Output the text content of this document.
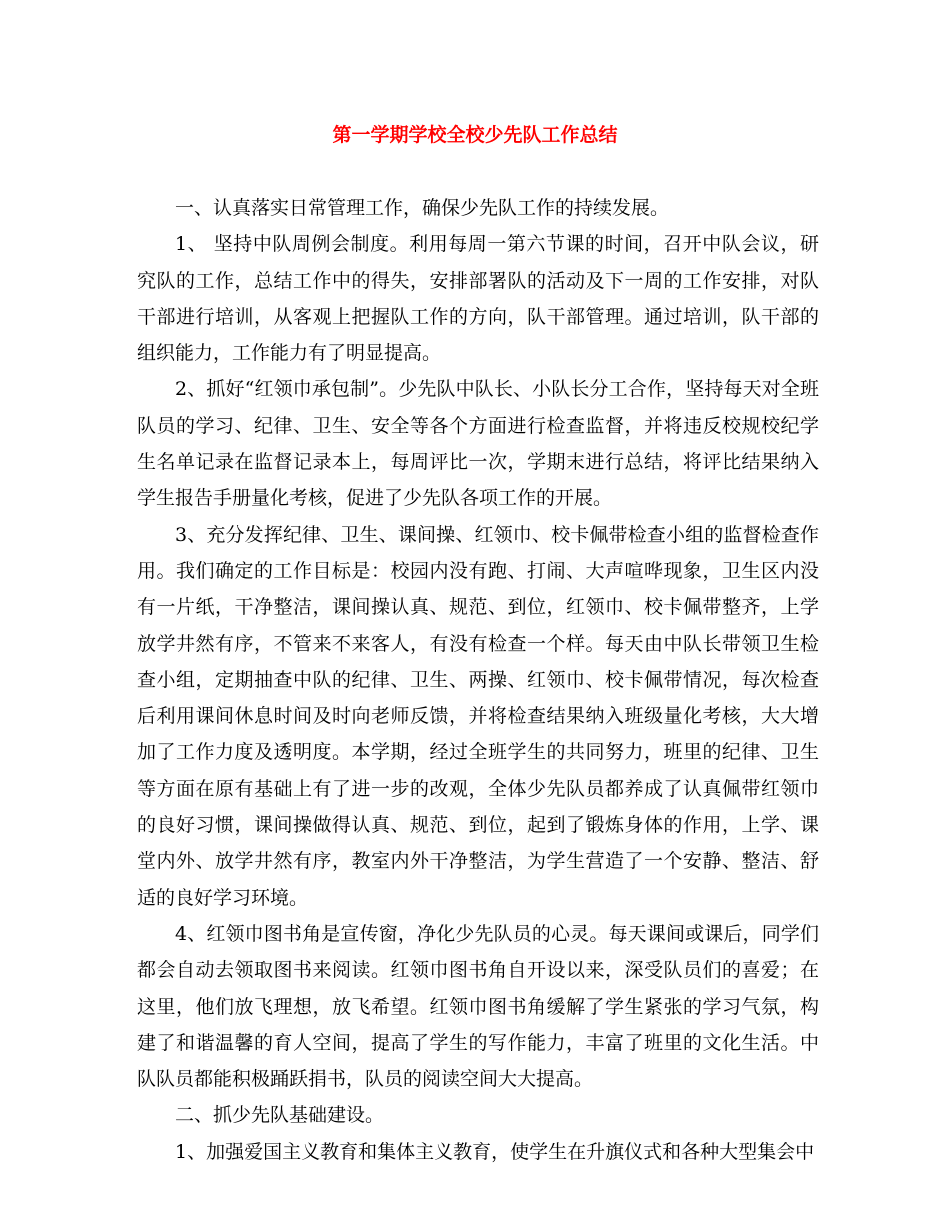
第一学期学校全校少先队工作总结

一、认真落实日常管理工作，确保少先队工作的持续发展。

1、 坚持中队周例会制度。利用每周一第六节课的时间，召开中队会议，研究队的工作，总结工作中的得失，安排部署队的活动及下一周的工作安排，对队干部进行培训，从客观上把握队工作的方向，队干部管理。通过培训，队干部的组织能力，工作能力有了明显提高。

2、抓好“红领巾承包制”。少先队中队长、小队长分工合作，坚持每天对全班队员的学习、纪律、卫生、安全等各个方面进行检查监督，并将违反校规校纪学生名单记录在监督记录本上，每周评比一次，学期末进行总结，将评比结果纳入学生报告手册量化考核，促进了少先队各项工作的开展。

3、充分发挥纪律、卫生、课间操、红领巾、校卡佩带检查小组的监督检查作用。我们确定的工作目标是：校园内没有跑、打闹、大声喧哗现象，卫生区内没有一片纸，干净整洁，课间操认真、规范、到位，红领巾、校卡佩带整齐，上学放学井然有序，不管来不来客人，有没有检查一个样。每天由中队长带领卫生检查小组，定期抽查中队的纪律、卫生、两操、红领巾、校卡佩带情况，每次检查后利用课间休息时间及时向老师反馈，并将检查结果纳入班级量化考核，大大增加了工作力度及透明度。本学期，经过全班学生的共同努力，班里的纪律、卫生等方面在原有基础上有了进一步的改观，全体少先队员都养成了认真佩带红领巾的良好习惯，课间操做得认真、规范、到位，起到了锻炼身体的作用，上学、课堂内外、放学井然有序，教室内外干净整洁，为学生营造了一个安静、整洁、舒适的良好学习环境。

4、红领巾图书角是宣传窗，净化少先队员的心灵。每天课间或课后，同学们都会自动去领取图书来阅读。红领巾图书角自开设以来，深受队员们的喜爱；在这里，他们放飞理想，放飞希望。红领巾图书角缓解了学生紧张的学习气氛，构建了和谐温馨的育人空间，提高了学生的写作能力，丰富了班里的文化生活。中队队员都能积极踊跃捐书，队员的阅读空间大大提高。

二、抓少先队基础建设。

1、加强爱国主义教育和集体主义教育，使学生在升旗仪式和各种大型集会中
